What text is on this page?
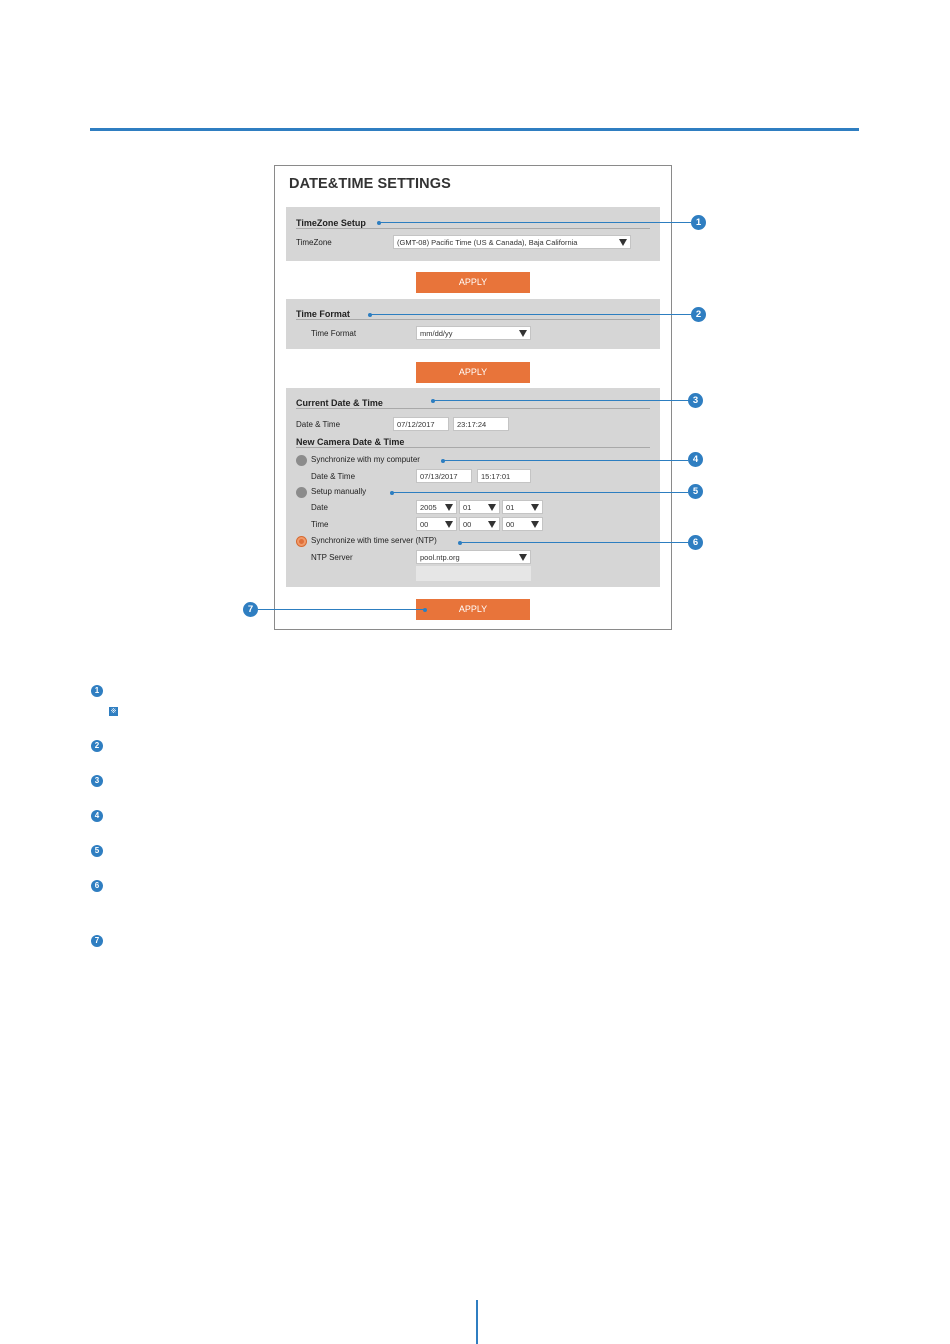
DATE&TIME SETTINGS
TimeZone Setup
TimeZone	(GMT-08) Pacific Time (US & Canada), Baja California
APPLY
Time Format
Time Format	mm/dd/yy
APPLY
Current Date & Time
Date & Time	07/12/2017	23:17:24
New Camera Date & Time
Synchronize with my computer
Date & Time	07/13/2017	15:17:01
Setup manually
Date	2005	01	01
Time	00	00	00
Synchronize with time server (NTP)
NTP Server	pool.ntp.org
APPLY
1
2
3
4
5
6
7
1
※
2
3
4
5
6
7
